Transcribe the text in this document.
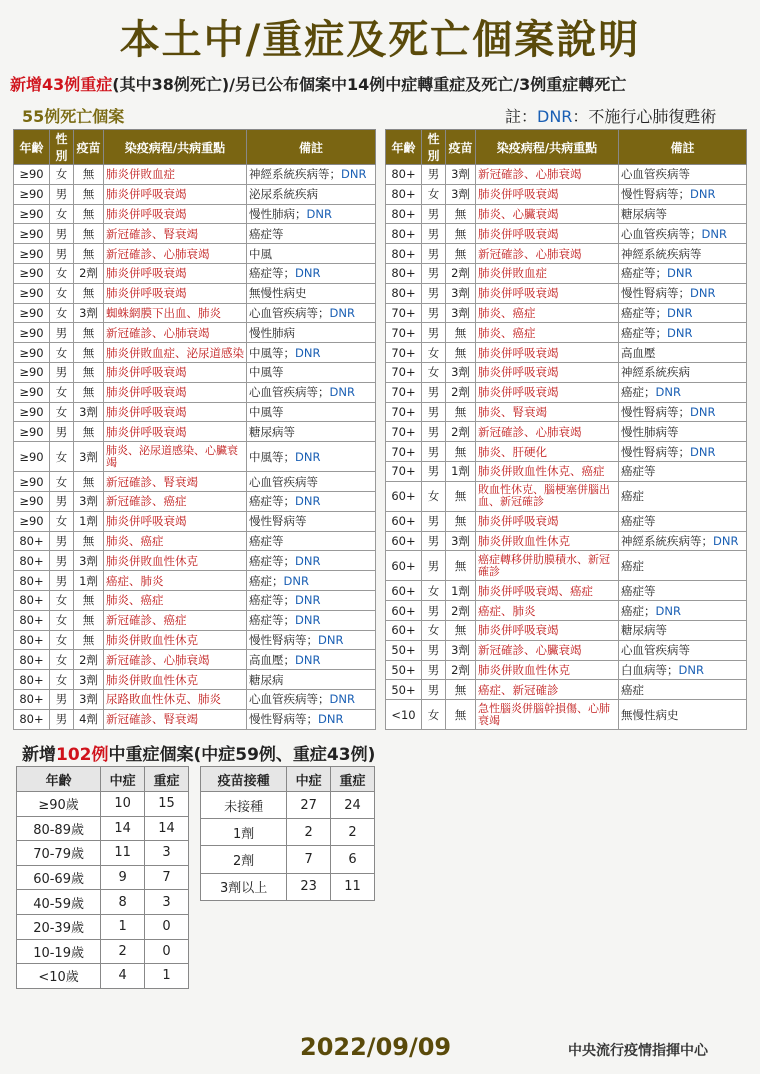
本土中/重症及死亡個案說明
新增43例重症(其中38例死亡)/另已公布個案中14例中症轉重症及死亡/3例重症轉死亡
55例死亡個案	註：DNR：不施行心肺復甦術
年齡	性別	疫苗	染疫病程/共病重點	備註
≥90	女	無	肺炎併敗血症	神經系統疾病等；DNR
≥90	男	無	肺炎併呼吸衰竭	泌尿系統疾病
≥90	女	無	肺炎併呼吸衰竭	慢性肺病；DNR
≥90	男	無	新冠確診、腎衰竭	癌症等
≥90	男	無	新冠確診、心肺衰竭	中風
≥90	女	2劑	肺炎併呼吸衰竭	癌症等；DNR
≥90	女	無	肺炎併呼吸衰竭	無慢性病史
≥90	女	3劑	蜘蛛網膜下出血、肺炎	心血管疾病等；DNR
≥90	男	無	新冠確診、心肺衰竭	慢性肺病
≥90	女	無	肺炎併敗血症、泌尿道感染	中風等；DNR
≥90	男	無	肺炎併呼吸衰竭	中風等
≥90	女	無	肺炎併呼吸衰竭	心血管疾病等；DNR
≥90	女	3劑	肺炎併呼吸衰竭	中風等
≥90	男	無	肺炎併呼吸衰竭	糖尿病等
≥90	女	3劑	肺炎、泌尿道感染、心臟衰竭	中風等；DNR
≥90	女	無	新冠確診、腎衰竭	心血管疾病等
≥90	男	3劑	新冠確診、癌症	癌症等；DNR
≥90	女	1劑	肺炎併呼吸衰竭	慢性腎病等
80+	男	無	肺炎、癌症	癌症等
80+	男	3劑	肺炎併敗血性休克	癌症等；DNR
80+	男	1劑	癌症、肺炎	癌症；DNR
80+	女	無	肺炎、癌症	癌症等；DNR
80+	女	無	新冠確診、癌症	癌症等；DNR
80+	女	無	肺炎併敗血性休克	慢性腎病等；DNR
80+	女	2劑	新冠確診、心肺衰竭	高血壓；DNR
80+	女	3劑	肺炎併敗血性休克	糖尿病
80+	男	3劑	尿路敗血性休克、肺炎	心血管疾病等；DNR
80+	男	4劑	新冠確診、腎衰竭	慢性腎病等；DNR
年齡	性別	疫苗	染疫病程/共病重點	備註
80+	男	3劑	新冠確診、心肺衰竭	心血管疾病等
80+	女	3劑	肺炎併呼吸衰竭	慢性腎病等；DNR
80+	男	無	肺炎、心臟衰竭	糖尿病等
80+	男	無	肺炎併呼吸衰竭	心血管疾病等；DNR
80+	男	無	新冠確診、心肺衰竭	神經系統疾病等
80+	男	2劑	肺炎併敗血症	癌症等；DNR
80+	男	3劑	肺炎併呼吸衰竭	慢性腎病等；DNR
70+	男	3劑	肺炎、癌症	癌症等；DNR
70+	男	無	肺炎、癌症	癌症等；DNR
70+	女	無	肺炎併呼吸衰竭	高血壓
70+	女	3劑	肺炎併呼吸衰竭	神經系統疾病
70+	男	2劑	肺炎併呼吸衰竭	癌症；DNR
70+	男	無	肺炎、腎衰竭	慢性腎病等；DNR
70+	男	2劑	新冠確診、心肺衰竭	慢性肺病等
70+	男	無	肺炎、肝硬化	慢性腎病等；DNR
70+	男	1劑	肺炎併敗血性休克、癌症	癌症等
60+	女	無	敗血性休克、腦梗塞併腦出血、新冠確診	癌症
60+	男	無	肺炎併呼吸衰竭	癌症等
60+	男	3劑	肺炎併敗血性休克	神經系統疾病等；DNR
60+	男	無	癌症轉移併肋膜積水、新冠確診	癌症
60+	女	1劑	肺炎併呼吸衰竭、癌症	癌症等
60+	男	2劑	癌症、肺炎	癌症；DNR
60+	女	無	肺炎併呼吸衰竭	糖尿病等
50+	男	3劑	新冠確診、心臟衰竭	心血管疾病等
50+	男	2劑	肺炎併敗血性休克	白血病等；DNR
50+	男	無	癌症、新冠確診	癌症
<10	女	無	急性腦炎併腦幹損傷、心肺衰竭	無慢性病史
新增102例中重症個案(中症59例、重症43例)
年齡	中症	重症
≥90歲	10	15
80-89歲	14	14
70-79歲	11	3
60-69歲	9	7
40-59歲	8	3
20-39歲	1	0
10-19歲	2	0
<10歲	4	1
疫苗接種	中症	重症
未接種	27	24
1劑	2	2
2劑	7	6
3劑以上	23	11
2022/09/09	中央流行疫情指揮中心
